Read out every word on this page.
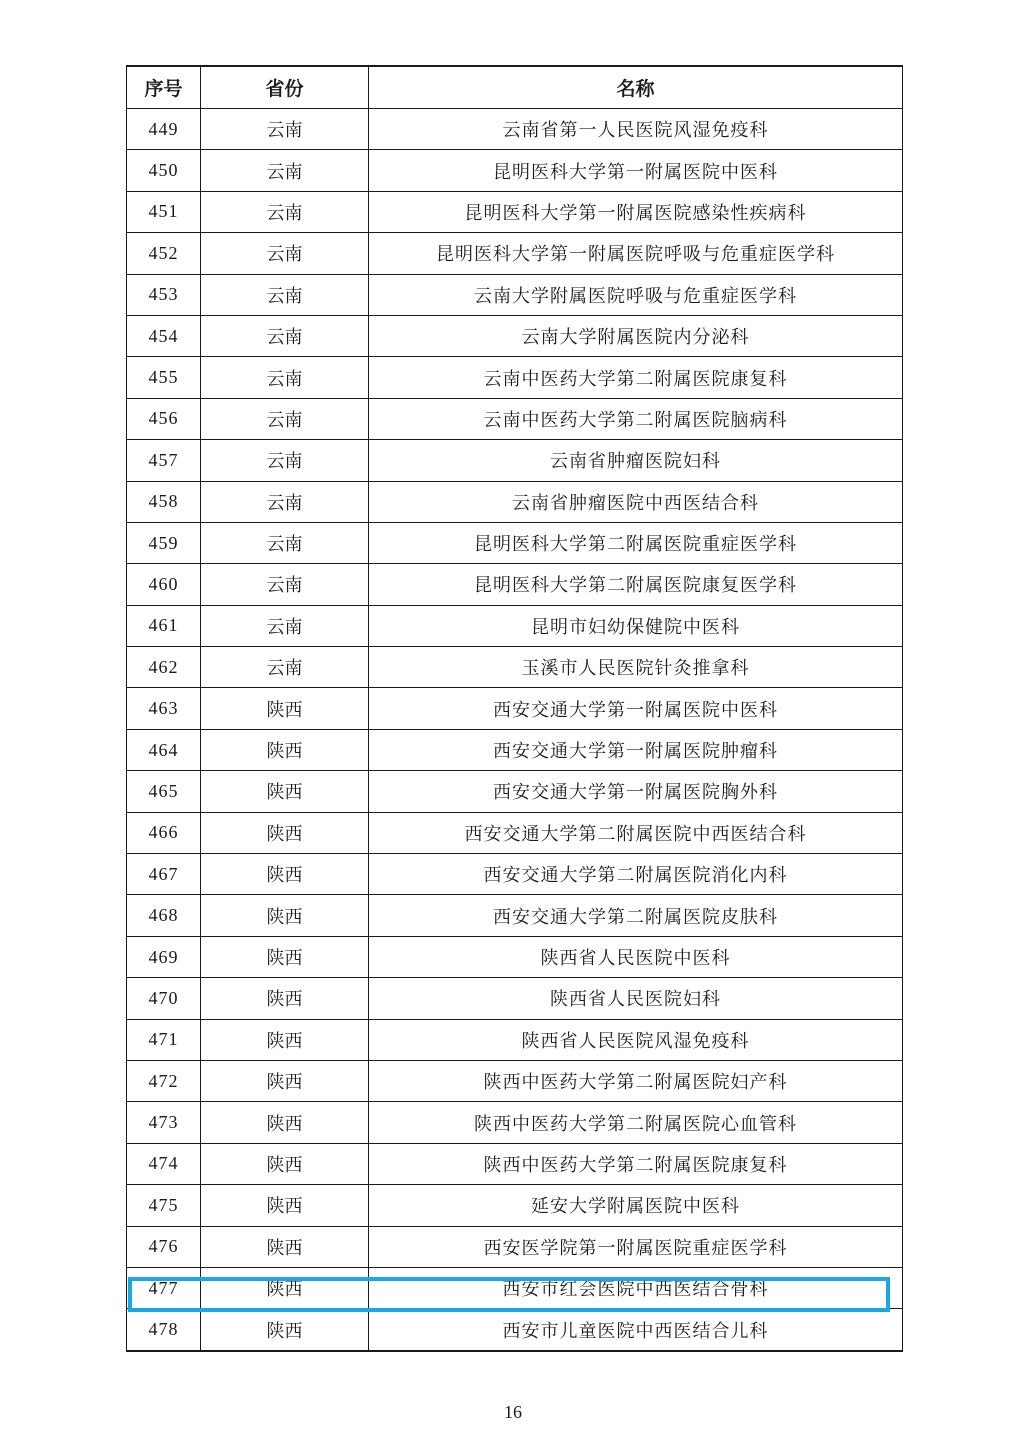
序号	省份	名称
449	云南	云南省第一人民医院风湿免疫科
450	云南	昆明医科大学第一附属医院中医科
451	云南	昆明医科大学第一附属医院感染性疾病科
452	云南	昆明医科大学第一附属医院呼吸与危重症医学科
453	云南	云南大学附属医院呼吸与危重症医学科
454	云南	云南大学附属医院内分泌科
455	云南	云南中医药大学第二附属医院康复科
456	云南	云南中医药大学第二附属医院脑病科
457	云南	云南省肿瘤医院妇科
458	云南	云南省肿瘤医院中西医结合科
459	云南	昆明医科大学第二附属医院重症医学科
460	云南	昆明医科大学第二附属医院康复医学科
461	云南	昆明市妇幼保健院中医科
462	云南	玉溪市人民医院针灸推拿科
463	陕西	西安交通大学第一附属医院中医科
464	陕西	西安交通大学第一附属医院肿瘤科
465	陕西	西安交通大学第一附属医院胸外科
466	陕西	西安交通大学第二附属医院中西医结合科
467	陕西	西安交通大学第二附属医院消化内科
468	陕西	西安交通大学第二附属医院皮肤科
469	陕西	陕西省人民医院中医科
470	陕西	陕西省人民医院妇科
471	陕西	陕西省人民医院风湿免疫科
472	陕西	陕西中医药大学第二附属医院妇产科
473	陕西	陕西中医药大学第二附属医院心血管科
474	陕西	陕西中医药大学第二附属医院康复科
475	陕西	延安大学附属医院中医科
476	陕西	西安医学院第一附属医院重症医学科
477	陕西	西安市红会医院中西医结合骨科
478	陕西	西安市儿童医院中西医结合儿科
16
